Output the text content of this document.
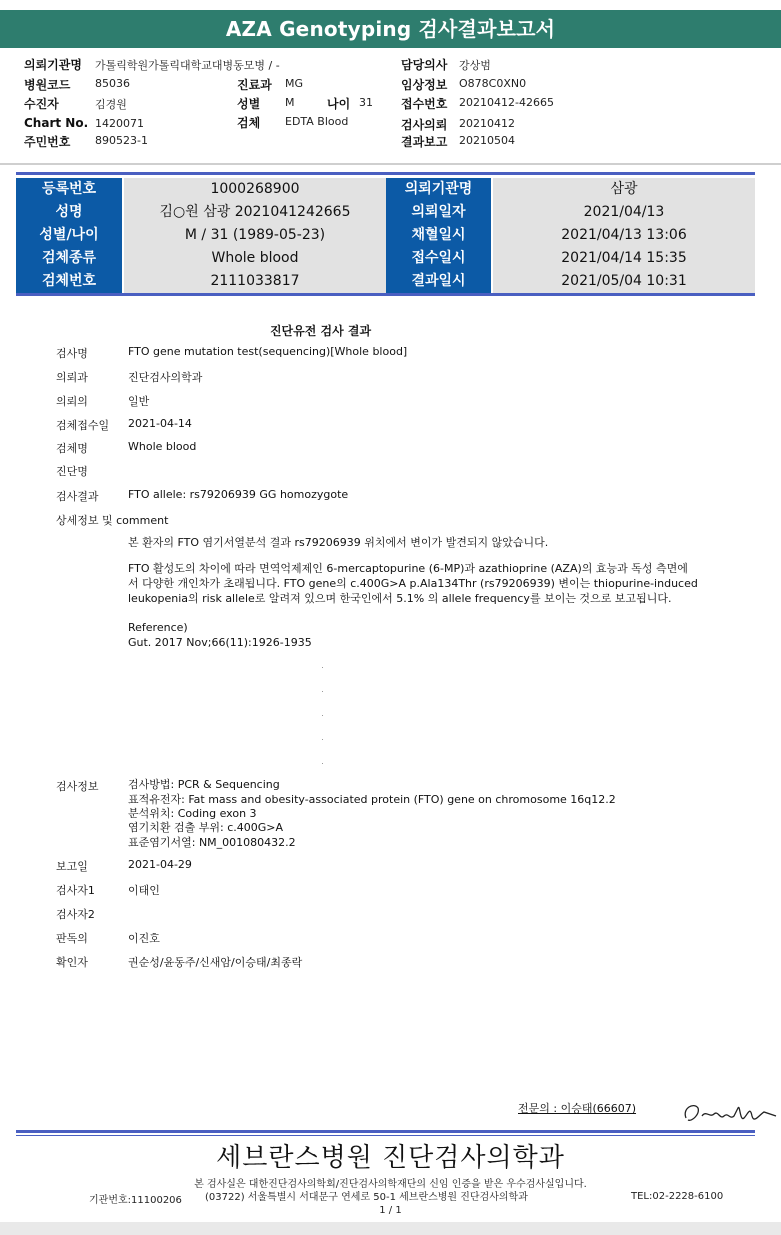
AZA Genotyping 검사결과보고서
의뢰기관명 가톨릭학원가톨릭대학교대병동모병 / -
병원코드 85036
수진자	김경원
Chart No. 1420071
주민번호 890523-1
진료과 MG
성별 M	나이 31
검체 EDTA Blood
담당의사 강상범
임상정보 O878C0XN0
접수번호 20210412-42665
검사의뢰 20210412
결과보고 20210504
등록번호	1000268900	의뢰기관명	삼광
성명	김○원 삼광 2021041242665	의뢰일자	2021/04/13
성별/나이	M / 31 (1989-05-23)	채혈일시	2021/04/13 13:06
검체종류	Whole blood	접수일시	2021/04/14 15:35
검체번호	2111033817	결과일시	2021/05/04 10:31
진단유전 검사 결과
검사명	FTO gene mutation test(sequencing)[Whole blood]
의뢰과	진단검사의학과
의뢰의	일반
검체접수일 2021-04-14
검체명	Whole blood
진단명
검사결과	FTO allele: rs79206939 GG homozygote
상세정보 및 comment
본 환자의 FTO 염기서열분석 결과 rs79206939 위치에서 변이가 발견되지 않았습니다.
FTO 활성도의 차이에 따라 면역억제제인 6-mercaptopurine (6-MP)과 azathioprine (AZA)의 효능과 독성 측면에서 다양한 개인차가 초래됩니다. FTO gene의 c.400G>A p.Ala134Thr (rs79206939) 변이는 thiopurine-induced leukopenia의 risk allele로 알려져 있으며 한국인에서 5.1% 의 allele frequency를 보이는 것으로 보고됩니다.
Reference)
Gut. 2017 Nov;66(11):1926-1935
검사정보	검사방법: PCR & Sequencing
표적유전자: Fat mass and obesity-associated protein (FTO) gene on chromosome 16q12.2
분석위치: Coding exon 3
염기치환 검출 부위: c.400G>A
표준염기서열: NM_001080432.2
보고일	2021-04-29
검사자1	이태인
검사자2
판독의	이진호
확인자	권순성/윤동주/신새암/이승태/최종락
전문의 : 이승태(66607)
세브란스병원 진단검사의학과
본 검사실은 대한진단검사의학회/진단검사의학재단의 신임 인증을 받은 우수검사실입니다.
기관번호:11100206 (03722) 서울특별시 서대문구 연세로 50-1 세브란스병원 진단검사의학과	TEL:02-2228-6100
1 / 1
